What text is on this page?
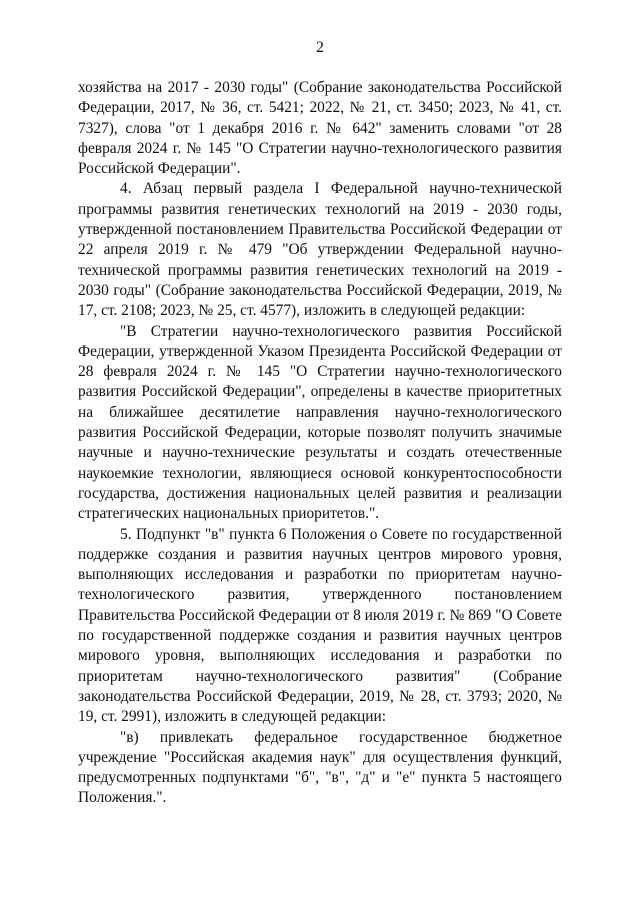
2

хозяйства на 2017 - 2030 годы" (Собрание законодательства Российской Федерации, 2017, № 36, ст. 5421; 2022, № 21, ст. 3450; 2023, № 41, ст. 7327), слова "от 1 декабря 2016 г. № 642" заменить словами "от 28 февраля 2024 г. № 145 "О Стратегии научно-технологического развития Российской Федерации".

4. Абзац первый раздела I Федеральной научно-технической программы развития генетических технологий на 2019 - 2030 годы, утвержденной постановлением Правительства Российской Федерации от 22 апреля 2019 г. № 479 "Об утверждении Федеральной научно-технической программы развития генетических технологий на 2019 - 2030 годы" (Собрание законодательства Российской Федерации, 2019, № 17, ст. 2108; 2023, № 25, ст. 4577), изложить в следующей редакции:

"В Стратегии научно-технологического развития Российской Федерации, утвержденной Указом Президента Российской Федерации от 28 февраля 2024 г. № 145 "О Стратегии научно-технологического развития Российской Федерации", определены в качестве приоритетных на ближайшее десятилетие направления научно-технологического развития Российской Федерации, которые позволят получить значимые научные и научно-технические результаты и создать отечественные наукоемкие технологии, являющиеся основой конкурентоспособности государства, достижения национальных целей развития и реализации стратегических национальных приоритетов.".

5. Подпункт "в" пункта 6 Положения о Совете по государственной поддержке создания и развития научных центров мирового уровня, выполняющих исследования и разработки по приоритетам научно-технологического развития, утвержденного постановлением Правительства Российской Федерации от 8 июля 2019 г. № 869 "О Совете по государственной поддержке создания и развития научных центров мирового уровня, выполняющих исследования и разработки по приоритетам научно-технологического развития" (Собрание законодательства Российской Федерации, 2019, № 28, ст. 3793; 2020, № 19, ст. 2991), изложить в следующей редакции:

"в) привлекать федеральное государственное бюджетное учреждение "Российская академия наук" для осуществления функций, предусмотренных подпунктами "б", "в", "д" и "е" пункта 5 настоящего Положения.".
